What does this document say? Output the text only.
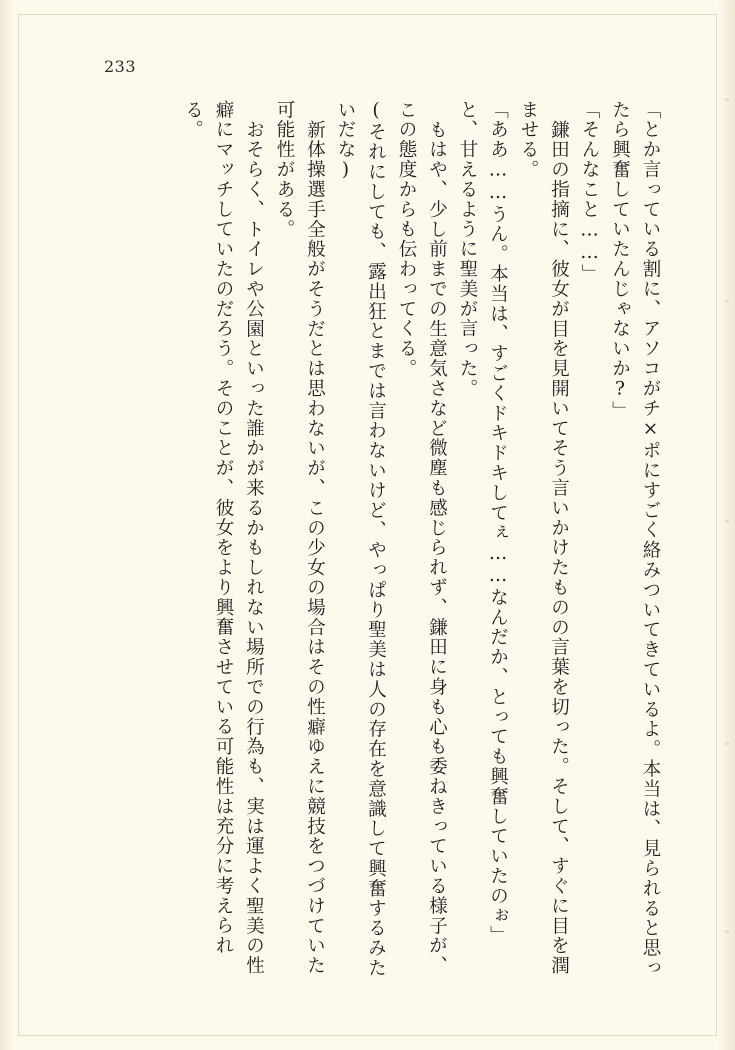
233

「とか言っている割に、アソコがチ×ポにすごく絡みついてきているよ。本当は、見られると思ったら興奮していたんじゃないか?」

「そんなこと……」

鎌田の指摘に、彼女が目を見開いてそう言いかけたものの言葉を切った。そして、すぐに目を潤ませる。

「ああ……うん。本当は、すごくドキドキしてぇ……なんだか、とっても興奮していたのぉ」

と、甘えるように聖美が言った。

もはや、少し前までの生意気さなど微塵も感じられず、鎌田に身も心も委ねきっている様子が、この態度からも伝わってくる。

(それにしても、露出狂とまでは言わないけど、やっぱり聖美は人の存在を意識して興奮するみたいだな)

新体操選手全般がそうだとは思わないが、この少女の場合はその性癖ゆえに競技をつづけていた可能性がある。

おそらく、トイレや公園といった誰かが来るかもしれない場所での行為も、実は運よく聖美の性癖にマッチしていたのだろう。そのことが、彼女をより興奮させている可能性は充分に考えられる。
